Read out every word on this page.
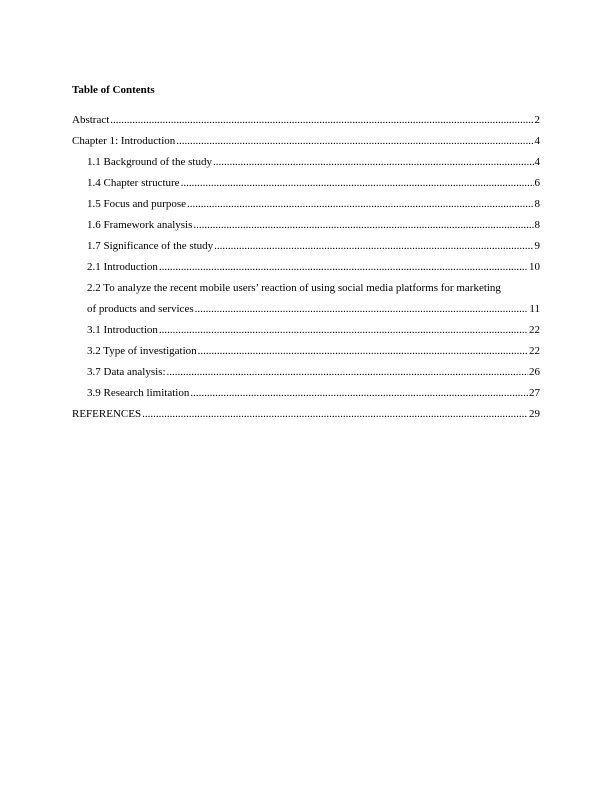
Table of Contents
Abstract .....	2
Chapter 1: Introduction .....	4
1.1 Background of the study .....	4
1.4 Chapter structure .....	6
1.5 Focus and purpose .....	8
1.6 Framework analysis .....	8
1.7 Significance of the study .....	9
2.1 Introduction .....	10
2.2 To analyze the recent mobile users’ reaction of using social media platforms for marketing
of products and services .....	11
3.1 Introduction .....	22
3.2 Type of investigation .....	22
3.7 Data analysis: .....	26
3.9 Research limitation .....	27
REFERENCES .....	29
